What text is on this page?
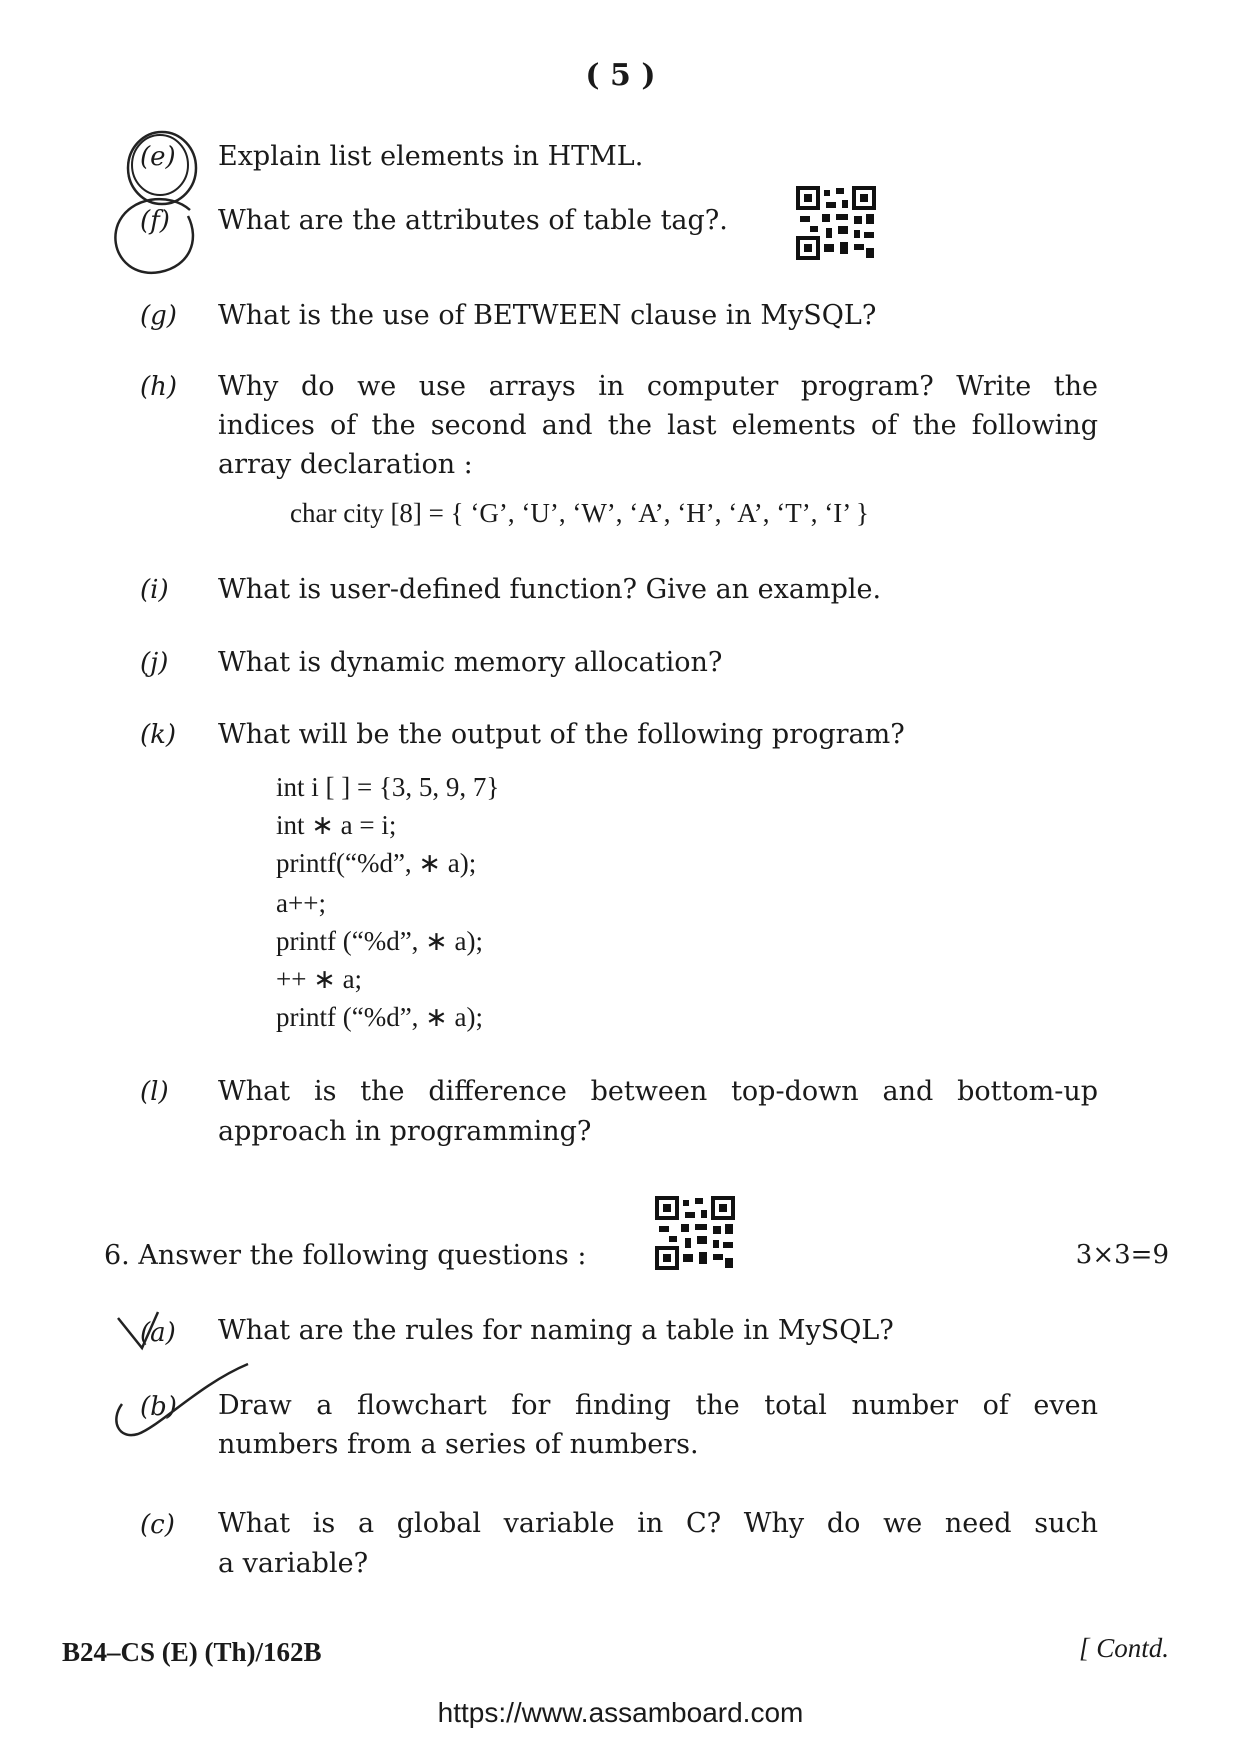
( 5 )
(e) Explain list elements in HTML.
(f) What are the attributes of table tag?.
(g) What is the use of BETWEEN clause in MySQL?
(h) Why do we use arrays in computer program? Write the
indices of the second and the last elements of the following
array declaration :
char city [8] = { ‘G’, ‘U’, ‘W’, ‘A’, ‘H’, ‘A’, ‘T’, ‘I’ }
(i) What is user-defined function? Give an example.
(j) What is dynamic memory allocation?
(k) What will be the output of the following program?
int i [ ] = {3, 5, 9, 7}
int ∗ a = i;
printf(“%d”, ∗ a);
a++;
printf (“%d”, ∗ a);
++ ∗ a;
printf (“%d”, ∗ a);
(l) What is the difference between top-down and bottom-up
approach in programming?
6. Answer the following questions :	3×3=9
(a) What are the rules for naming a table in MySQL?
(b) Draw a flowchart for finding the total number of even
numbers from a series of numbers.
(c) What is a global variable in C? Why do we need such
a variable?
B24–CS (E) (Th)/162B	[ Contd.
https://www.assamboard.com
